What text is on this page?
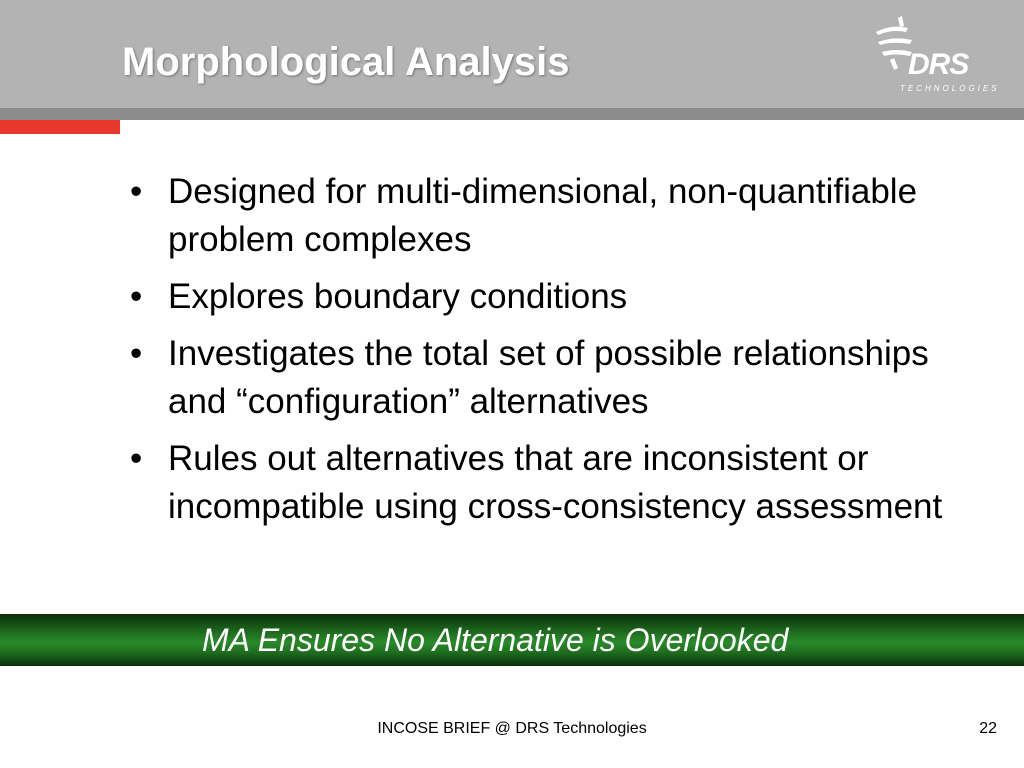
Morphological Analysis	DRS
TECHNOLOGIES
• Designed for multi-dimensional, non-quantifiable problem complexes
• Explores boundary conditions
• Investigates the total set of possible relationships and “configuration” alternatives
• Rules out alternatives that are inconsistent or incompatible using cross-consistency assessment
MA Ensures No Alternative is Overlooked
INCOSE BRIEF @ DRS Technologies	22
